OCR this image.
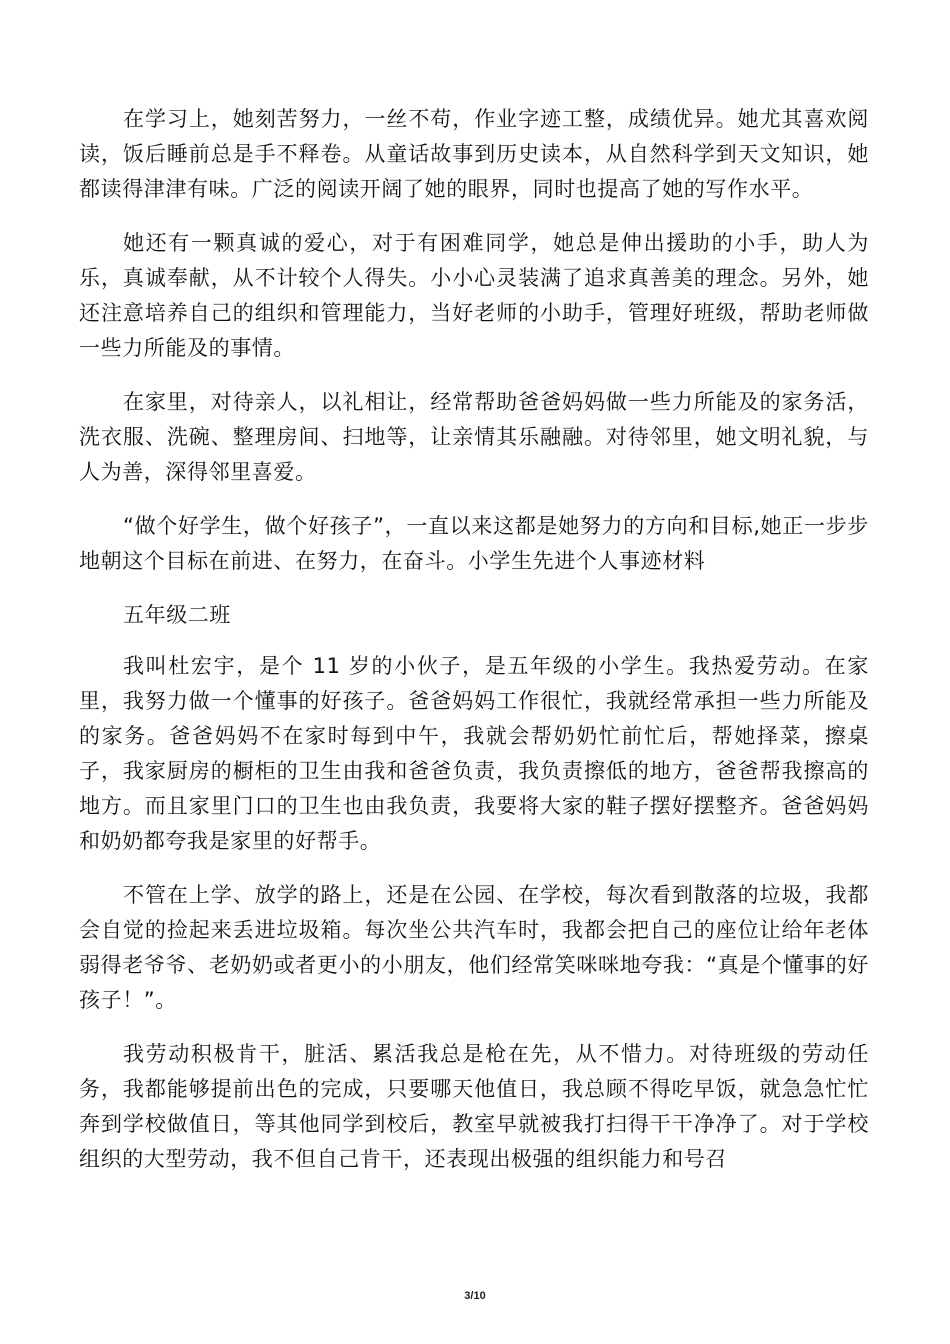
在学习上，她刻苦努力，一丝不苟，作业字迹工整，成绩优异。她尤其喜欢阅读，饭后睡前总是手不释卷。从童话故事到历史读本，从自然科学到天文知识，她都读得津津有味。广泛的阅读开阔了她的眼界，同时也提高了她的写作水平。

她还有一颗真诚的爱心，对于有困难同学，她总是伸出援助的小手，助人为乐，真诚奉献，从不计较个人得失。小小心灵装满了追求真善美的理念。另外，她还注意培养自己的组织和管理能力，当好老师的小助手，管理好班级，帮助老师做一些力所能及的事情。

在家里，对待亲人，以礼相让，经常帮助爸爸妈妈做一些力所能及的家务活，洗衣服、洗碗、整理房间、扫地等，让亲情其乐融融。对待邻里，她文明礼貌，与人为善，深得邻里喜爱。

“做个好学生，做个好孩子”，一直以来这都是她努力的方向和目标,她正一步步地朝这个目标在前进、在努力，在奋斗。小学生先进个人事迹材料

五年级二班

我叫杜宏宇，是个 11 岁的小伙子，是五年级的小学生。我热爱劳动。在家里，我努力做一个懂事的好孩子。爸爸妈妈工作很忙，我就经常承担一些力所能及的家务。爸爸妈妈不在家时每到中午，我就会帮奶奶忙前忙后，帮她择菜，擦桌子，我家厨房的橱柜的卫生由我和爸爸负责，我负责擦低的地方，爸爸帮我擦高的地方。而且家里门口的卫生也由我负责，我要将大家的鞋子摆好摆整齐。爸爸妈妈和奶奶都夸我是家里的好帮手。

不管在上学、放学的路上，还是在公园、在学校，每次看到散落的垃圾，我都会自觉的捡起来丢进垃圾箱。每次坐公共汽车时，我都会把自己的座位让给年老体弱得老爷爷、老奶奶或者更小的小朋友，他们经常笑咪咪地夸我：“真是个懂事的好孩子！”。

我劳动积极肯干，脏活、累活我总是枪在先，从不惜力。对待班级的劳动任务，我都能够提前出色的完成，只要哪天他值日，我总顾不得吃早饭，就急急忙忙奔到学校做值日，等其他同学到校后，教室早就被我打扫得干干净净了。对于学校组织的大型劳动，我不但自己肯干，还表现出极强的组织能力和号召

3/10
